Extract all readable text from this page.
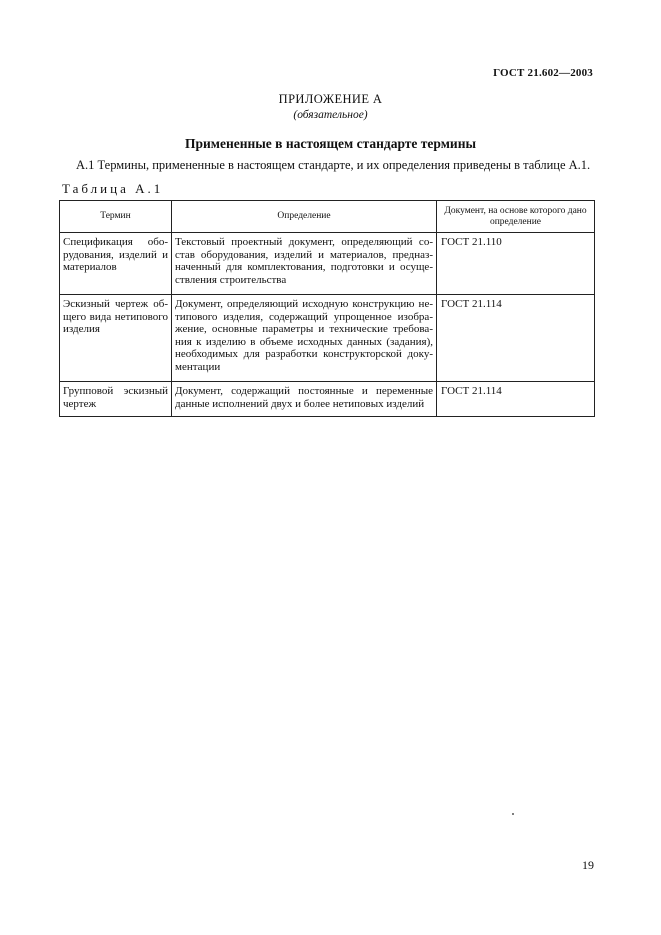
ГОСТ 21.602—2003
ПРИЛОЖЕНИЕ А
(обязательное)
Примененные в настоящем стандарте термины
А.1 Термины, примененные в настоящем стандарте, и их определения приведены в таблице А.1.
Таблица А.1
Термин	Определение	Документ, на основе которого дано определение
Спецификация оборудования, изделий и материалов	Текстовый проектный документ, определяющий состав оборудования, изделий и материалов, предназначенный для комплектования, подготовки и осуществления строительства	ГОСТ 21.110
Эскизный чертеж общего вида нетипового изделия	Документ, определяющий исходную конструкцию нетипового изделия, содержащий упрощенное изображение, основные параметры и технические требования к изделию в объеме исходных данных (задания), необходимых для разработки конструкторской документации	ГОСТ 21.114
Групповой эскизный чертеж	Документ, содержащий постоянные и переменные данные исполнений двух и более нетиповых изделий	ГОСТ 21.114
19
